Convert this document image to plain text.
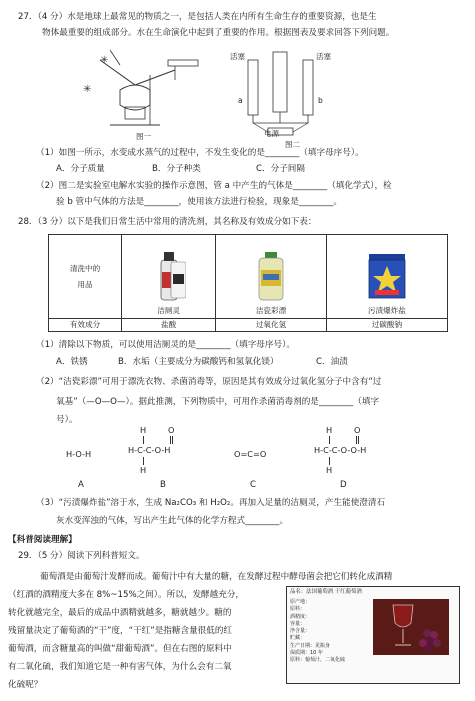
27．（4 分）水是地球上最常见的物质之一，是包括人类在内所有生命生存的重要资源，也是生
物体最重要的组成部分。水在生命演化中起到了重要的作用。根据图表及要求回答下列问题。
✳
✳	活塞	活塞
a	b
电源
图一
图二
（1）如图一所示，水变成水蒸气的过程中，不发生变化的是________（填字母序号）。
A．分子质量	B．分子种类	C．分子间隔
（2）图二是实验室电解水实验的操作示意图，管 a 中产生的气体是________（填化学式），检
验 b 管中气体的方法是________，使用该方法进行检验，现象是________。
28．（3 分）以下是我们日常生活中常用的清洗剂，其名称及有效成分如下表：
清洗中的
用品	洁厕灵	洁瓷彩漂	污渍爆炸盐

有效成分	盐酸	过氧化氢	过碳酸钠
（1）清除以下物质，可以使用洁厕灵的是________（填字母序号）。
A．铁锈	B．水垢（主要成分为碳酸钙和氢氧化镁）	C．油渍
（2）“洁瓷彩漂”可用于漂洗衣物、杀菌消毒等，原因是其有效成分过氧化氢分子中含有“过
氧基”（—O—O—）。据此推测，下列物质中，可用作杀菌消毒剂的是________（填字
号）。
H-O-H
H	O
H-C-C-O-H
H
O=C=O
H	O
H-C-C-O-O-H
H
A	B	C	D
（3）“污渍爆炸盐”溶于水，生成 Na₂CO₃ 和 H₂O₂。再加入足量的洁厕灵，产生能使澄清石
灰水变浑浊的气体，写出产生此气体的化学方程式________。
【科普阅读理解】
29．（5 分）阅读下列科普短文。
葡萄酒是由葡萄汁发酵而成。葡萄汁中有大量的糖，在发酵过程中酵母菌会把它们转化成酒精
（红酒的酒精度大多在 8%~15%之间）。所以，发酵越充分，
转化就越完全，最后的成品中酒精就越多，糖就越少。糖的
残留量决定了葡萄酒的“干”度，“干红”是指糖含量很低的红
葡萄酒，而含糖量高的叫做“甜葡萄酒”。但在右图的原料中
有二氧化硫，我们知道它是一种有害气体，为什么会有二氧
化硫呢？
品名：法国葡萄酒 干红葡萄酒
原产地：
原料：
酒精度：
容量：
净含量：
贮藏：
生产日期：见瓶身
保质期：10 年
原料：葡萄汁，二氧化硫
